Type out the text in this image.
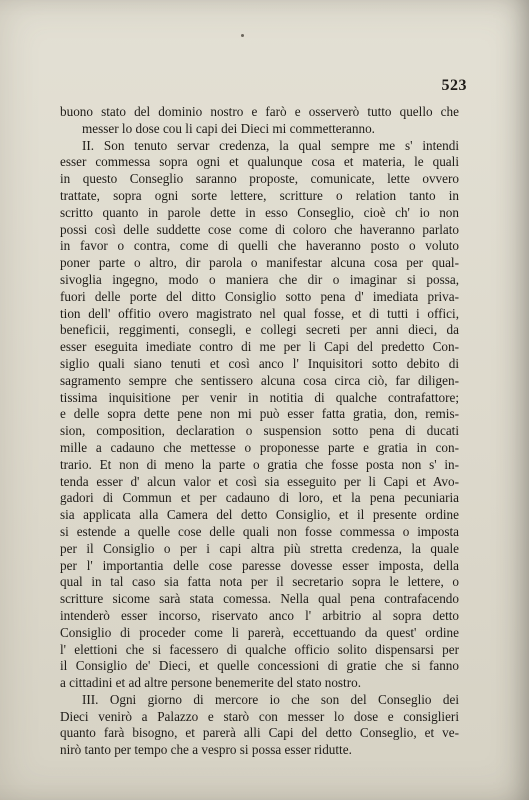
523
buono stato del dominio nostro e farò e osserverò tutto quello che
messer lo dose cou li capi dei Dieci mi commetteranno.
II. Son tenuto servar credenza, la qual sempre me s' intendi
esser commessa sopra ogni et qualunque cosa et materia, le quali
in questo Conseglio saranno proposte, comunicate, lette ovvero
trattate, sopra ogni sorte lettere, scritture o relation tanto in
scritto quanto in parole dette in esso Conseglio, cioè ch' io non
possi così delle suddette cose come di coloro che haveranno parlato
in favor o contra, come di quelli che haveranno posto o voluto
poner parte o altro, dir parola o manifestar alcuna cosa per qual-
sivoglia ingegno, modo o maniera che dir o imaginar si possa,
fuori delle porte del ditto Consiglio sotto pena d' imediata priva-
tion dell' offitio overo magistrato nel qual fosse, et di tutti i offici,
beneficii, reggimenti, consegli, e collegi secreti per anni dieci, da
esser eseguita imediate contro di me per li Capi del predetto Con-
siglio quali siano tenuti et così anco l' Inquisitori sotto debito di
sagramento sempre che sentissero alcuna cosa circa ciò, far diligen-
tissima inquisitione per venir in notitia di qualche contrafattore;
e delle sopra dette pene non mi può esser fatta gratia, don, remis-
sion, composition, declaration o suspension sotto pena di ducati
mille a cadauno che mettesse o proponesse parte e gratia in con-
trario. Et non di meno la parte o gratia che fosse posta non s' in-
tenda esser d' alcun valor et così sia esseguito per li Capi et Avo-
gadori di Commun et per cadauno di loro, et la pena pecuniaria
sia applicata alla Camera del detto Consiglio, et il presente ordine
si estende a quelle cose delle quali non fosse commessa o imposta
per il Consiglio o per i capi altra più stretta credenza, la quale
per l' importantia delle cose paresse dovesse esser imposta, della
qual in tal caso sia fatta nota per il secretario sopra le lettere, o
scritture sicome sarà stata comessa. Nella qual pena contrafacendo
intenderò esser incorso, riservato anco l' arbitrio al sopra detto
Consiglio di proceder come li parerà, eccettuando da quest' ordine
l' elettioni che si facessero di qualche officio solito dispensarsi per
il Consiglio de' Dieci, et quelle concessioni di gratie che si fanno
a cittadini et ad altre persone benemerite del stato nostro.
III. Ogni giorno di mercore io che son del Conseglio dei
Dieci venirò a Palazzo e starò con messer lo dose e consiglieri
quanto farà bisogno, et parerà alli Capi del detto Conseglio, et ve-
nirò tanto per tempo che a vespro si possa esser ridutte.
